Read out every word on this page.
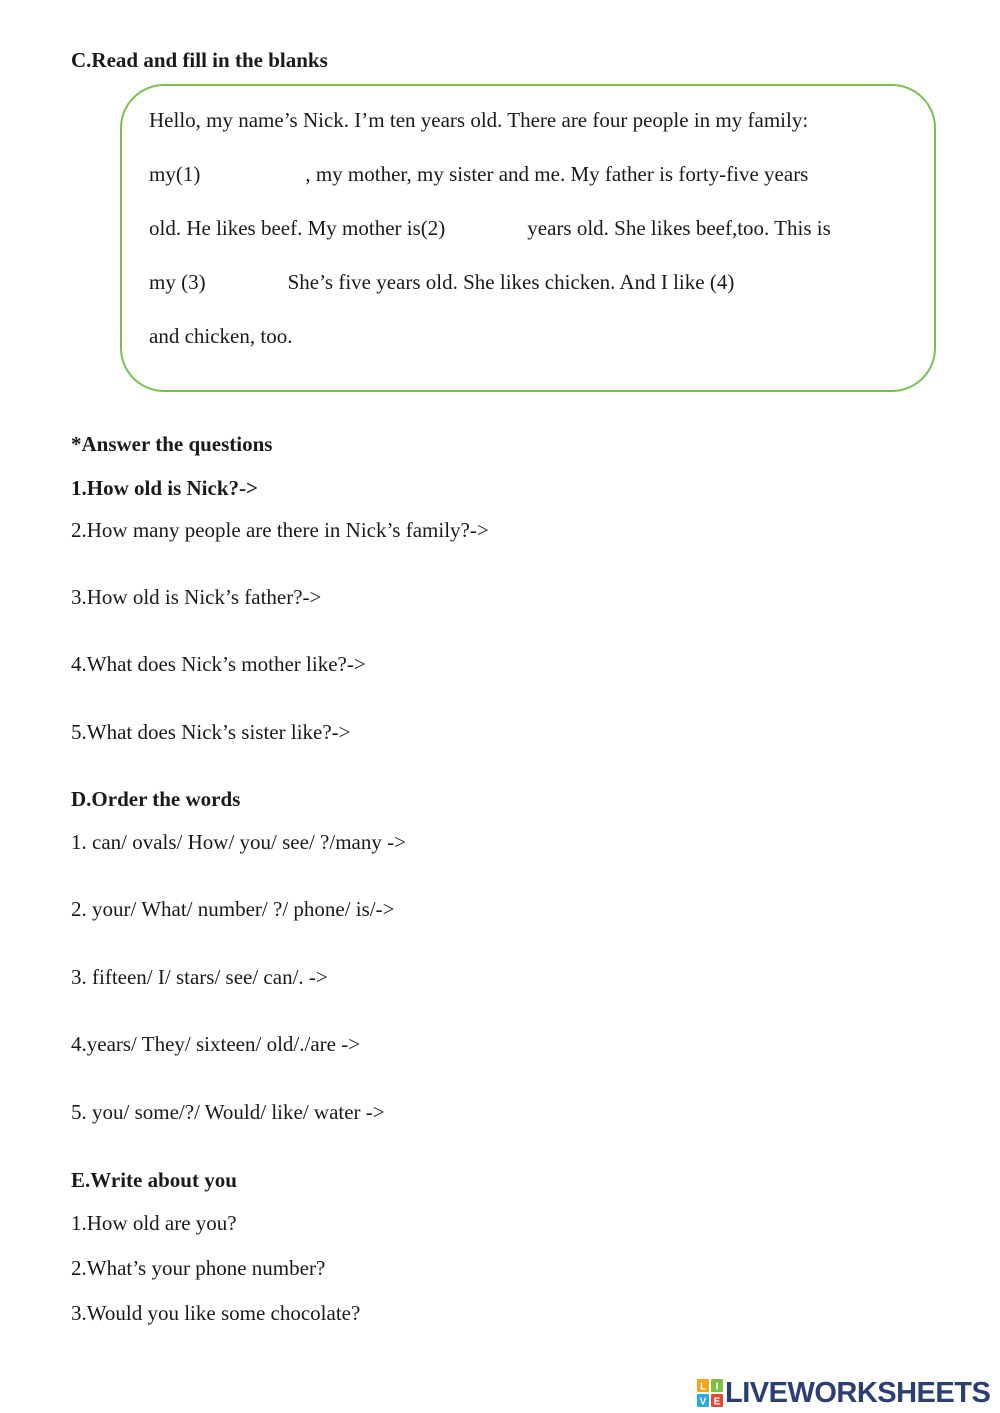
C.Read and fill in the blanks
Hello, my name’s Nick. I’m ten years old. There are four people in my family:
my(1)	, my mother, my sister and me. My father is forty-five years
old. He likes beef. My mother is(2)	years old. She likes beef,too. This is
my (3)	She’s five years old. She likes chicken. And I like (4)
and chicken, too.
*Answer the questions
1.How old is Nick?->
2.How many people are there in Nick’s family?->
3.How old is Nick’s father?->
4.What does Nick’s mother like?->
5.What does Nick’s sister like?->
D.Order the words
1. can/ ovals/ How/ you/ see/ ?/many ->
2. your/ What/ number/ ?/ phone/ is/->
3. fifteen/ I/ stars/ see/ can/. ->
4.years/ They/ sixteen/ old/./are ->
5. you/ some/?/ Would/ like/ water ->
E.Write about you
1.How old are you?
2.What’s your phone number?
3.Would you like some chocolate?
L I
V E LIVEWORKSHEETS
